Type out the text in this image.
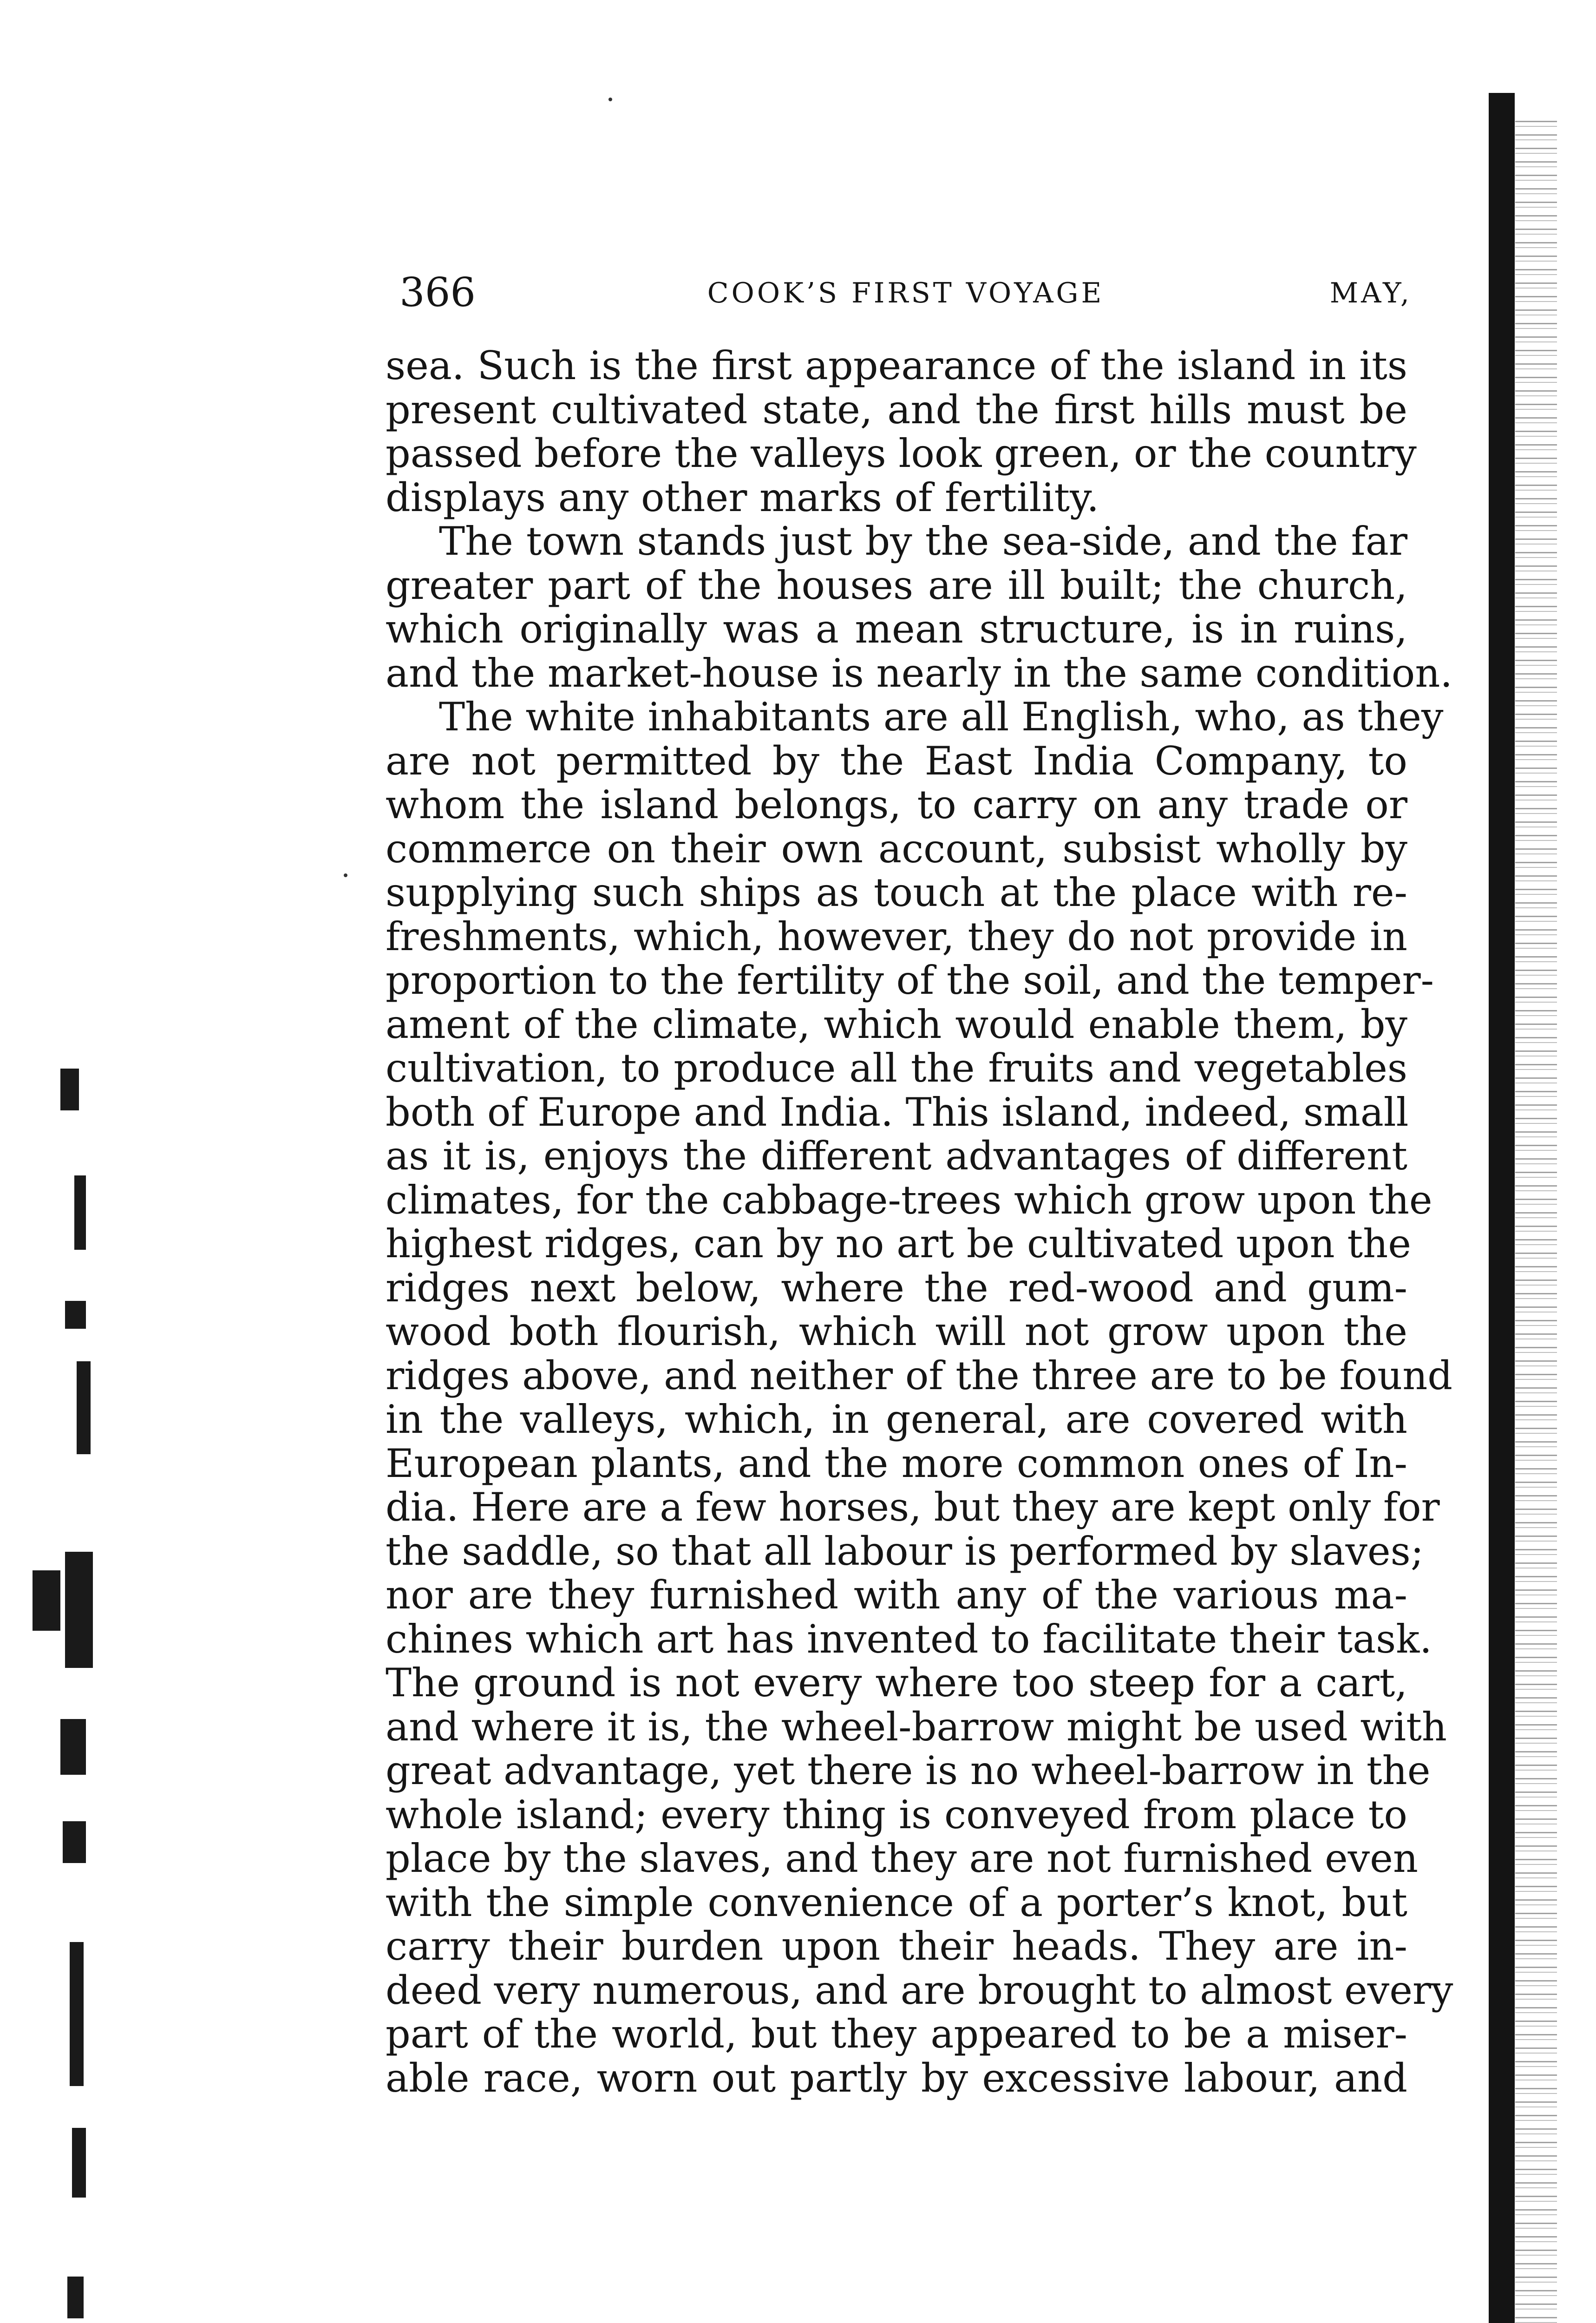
366	COOK’S FIRST VOYAGE	MAY,
sea. Such is the first appearance of the island in its
present cultivated state, and the first hills must be
passed before the valleys look green, or the country
displays any other marks of fertility.
The town stands just by the sea-side, and the far
greater part of the houses are ill built; the church,
which originally was a mean structure, is in ruins,
and the market-house is nearly in the same condition.
The white inhabitants are all English, who, as they
are not permitted by the East India Company, to
whom the island belongs, to carry on any trade or
commerce on their own account, subsist wholly by
supplying such ships as touch at the place with re-
freshments, which, however, they do not provide in
proportion to the fertility of the soil, and the temper-
ament of the climate, which would enable them, by
cultivation, to produce all the fruits and vegetables
both of Europe and India. This island, indeed, small
as it is, enjoys the different advantages of different
climates, for the cabbage-trees which grow upon the
highest ridges, can by no art be cultivated upon the
ridges next below, where the red-wood and gum-
wood both flourish, which will not grow upon the
ridges above, and neither of the three are to be found
in the valleys, which, in general, are covered with
European plants, and the more common ones of In-
dia. Here are a few horses, but they are kept only for
the saddle, so that all labour is performed by slaves;
nor are they furnished with any of the various ma-
chines which art has invented to facilitate their task.
The ground is not every where too steep for a cart,
and where it is, the wheel-barrow might be used with
great advantage, yet there is no wheel-barrow in the
whole island; every thing is conveyed from place to
place by the slaves, and they are not furnished even
with the simple convenience of a porter’s knot, but
carry their burden upon their heads. They are in-
deed very numerous, and are brought to almost every
part of the world, but they appeared to be a miser-
able race, worn out partly by excessive labour, and
